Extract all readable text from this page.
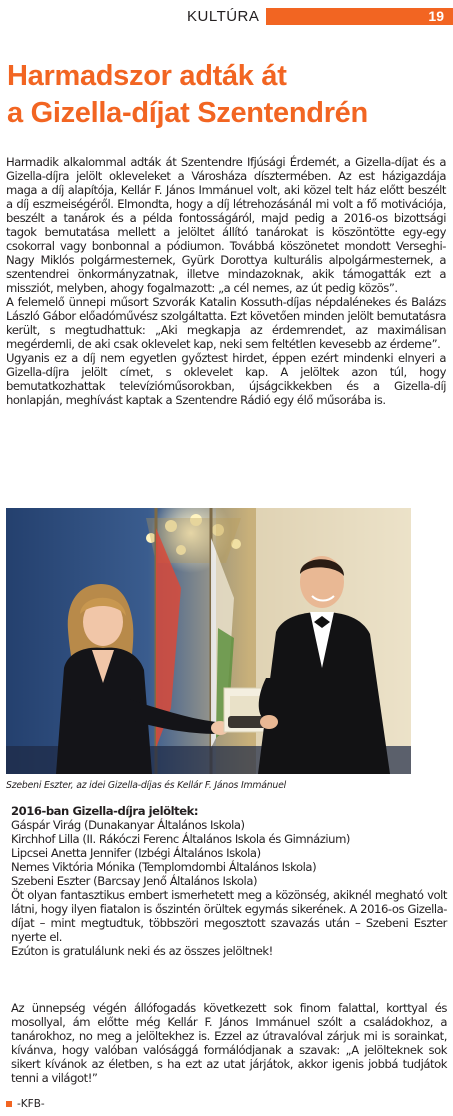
KULTÚRA	19
Harmadszor adták át
a Gizella-díjat Szentendrén

Harmadik alkalommal adták át Szentendre Ifjúsági Érdemét, a Gizella-díjat és a Gizella-díjra jelölt okleveleket a Városháza dísztermében. Az est házigazdája maga a díj alapítója, Kellár F. János Immánuel volt, aki közel telt ház előtt beszélt a díj eszmeiségéről. Elmondta, hogy a díj létrehozásánál mi volt a fő motivációja, beszélt a tanárok és a példa fontosságáról, majd pedig a 2016-os bizottsági tagok bemutatása mellett a jelöltet állító tanárokat is köszöntötte egy-egy csokorral vagy bonbonnal a pódiumon. Továbbá köszönetet mondott Verseghi-Nagy Miklós polgármesternek, Gyürk Dorottya kulturális alpolgármesternek, a szentendrei önkormányzatnak, illetve mindazoknak, akik támogatták ezt a missziót, melyben, ahogy fogalmazott: „a cél nemes, az út pedig közös”.

A felemelő ünnepi műsort Szvorák Katalin Kossuth-díjas népdalénekes és Balázs László Gábor előadóművész szolgáltatta. Ezt követően minden jelölt bemutatásra került, s megtudhattuk: „Aki megkapja az érdemrendet, az maximálisan megérdemli, de aki csak oklevelet kap, neki sem feltétlen kevesebb az érdeme”.

Ugyanis ez a díj nem egyetlen győztest hirdet, éppen ezért mindenki elnyeri a Gizella-díjra jelölt címet, s oklevelet kap. A jelöltek azon túl, hogy bemutatkozhattak televízióműsorokban, újságcikkekben és a Gizella-díj honlapján, meghívást kaptak a Szentendre Rádió egy élő műsorába is.

Szebeni Eszter, az idei Gizella-díjas és Kellár F. János Immánuel

2016-ban Gizella-díjra jelöltek:

Gáspár Virág (Dunakanyar Általános Iskola)

Kirchhof Lilla (II. Rákóczi Ferenc Általános Iskola és Gimnázium)

Lipcsei Anetta Jennifer (Izbégi Általános Iskola)

Nemes Viktória Mónika (Templomdombi Általános Iskola)

Szebeni Eszter (Barcsay Jenő Általános Iskola)

Öt olyan fantasztikus embert ismerhetett meg a közönség, akiknél megható volt látni, hogy ilyen fiatalon is őszintén örültek egymás sikerének. A 2016-os Gizella-díjat – mint megtudtuk, többszöri megosztott szavazás után – Szebeni Eszter nyerte el.

Ezúton is gratulálunk neki és az összes jelöltnek!

Az ünnepség végén állófogadás következett sok finom falattal, korttyal és mosollyal, ám előtte még Kellár F. János Immánuel szólt a családokhoz, a tanárokhoz, no meg a jelöltekhez is. Ezzel az útravalóval zárjuk mi is sorainkat, kívánva, hogy valóban valósággá formálódjanak a szavak: „A jelölteknek sok sikert kívánok az életben, s ha ezt az utat járjátok, akkor igenis jobbá tudjátok tenni a világot!”

-KFB-
